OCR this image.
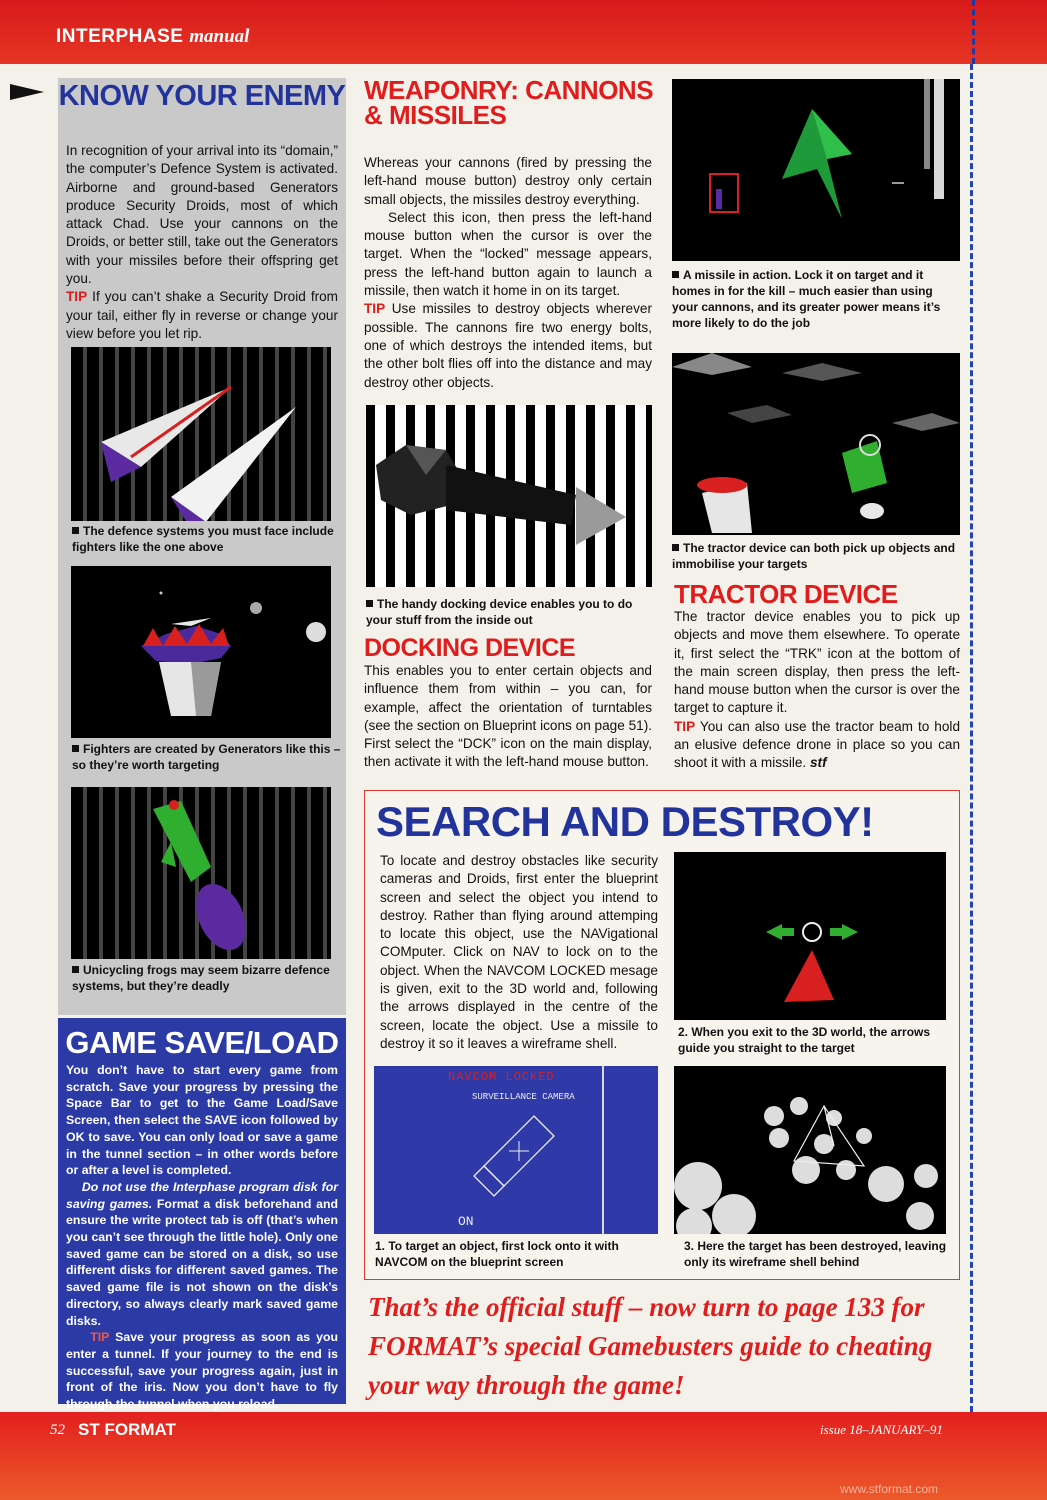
INTERPHASE manual
KNOW YOUR ENEMY
In recognition of your arrival into its “domain,” the computer’s Defence System is activated. Airborne and ground-based Generators produce Security Droids, most of which attack Chad. Use your cannons on the Droids, or better still, take out the Generators with your missiles before their offspring get you.
TIP If you can’t shake a Security Droid from your tail, either fly in reverse or change your view before you let rip.
The defence systems you must face include fighters like the one above
Fighters are created by Generators like this – so they’re worth targeting
Unicycling frogs may seem bizarre defence systems, but they’re deadly
GAME SAVE/LOAD
You don’t have to start every game from scratch. Save your progress by pressing the Space Bar to get to the Game Load/Save Screen, then select the SAVE icon followed by OK to save. You can only load or save a game in the tunnel section – in other words before or after a level is completed.
Do not use the Interphase program disk for saving games. Format a disk beforehand and ensure the write protect tab is off (that’s when you can’t see through the little hole). Only one saved game can be stored on a disk, so use different disks for different saved games. The saved game file is not shown on the disk’s directory, so always clearly mark saved game disks.
TIP Save your progress as soon as you enter a tunnel. If your journey to the end is successful, save your progress again, just in front of the iris. Now you don’t have to fly through the tunnel when you reload.
WEAPONRY: CANNONS & MISSILES
Whereas your cannons (fired by pressing the left-hand mouse button) destroy only certain small objects, the missiles destroy everything.
Select this icon, then press the left-hand mouse button when the cursor is over the target. When the “locked” message appears, press the left-hand button again to launch a missile, then watch it home in on its target.
TIP Use missiles to destroy objects wherever possible. The cannons fire two energy bolts, one of which destroys the intended items, but the other bolt flies off into the distance and may destroy other objects.
The handy docking device enables you to do your stuff from the inside out
DOCKING DEVICE
This enables you to enter certain objects and influence them from within – you can, for example, affect the orientation of turntables (see the section on Blueprint icons on page 51). First select the “DCK” icon on the main display, then activate it with the left-hand mouse button.
A missile in action. Lock it on target and it homes in for the kill – much easier than using your cannons, and its greater power means it’s more likely to do the job
The tractor device can both pick up objects and immobilise your targets
TRACTOR DEVICE
The tractor device enables you to pick up objects and move them elsewhere. To operate it, first select the “TRK” icon at the bottom of the main screen display, then press the left-hand mouse button when the cursor is over the target to capture it.
TIP You can also use the tractor beam to hold an elusive defence drone in place so you can shoot it with a missile. stf
SEARCH AND DESTROY!
To locate and destroy obstacles like security cameras and Droids, first enter the blueprint screen and select the object you intend to destroy. Rather than flying around attemping to locate this object, use the NAVigational COMputer. Click on NAV to lock on to the object. When the NAVCOM LOCKED mesage is given, exit to the 3D world and, following the arrows displayed in the centre of the screen, locate the object. Use a missile to destroy it so it leaves a wireframe shell.
2. When you exit to the 3D world, the arrows guide you straight to the target
NAVCOM LOCKED
SURVEILLANCE CAMERA
ON
1. To target an object, first lock onto it with NAVCOM on the blueprint screen
3. Here the target has been destroyed, leaving only its wireframe shell behind
That’s the official stuff – now turn to page 133 for FORMAT’s special Gamebusters guide to cheating your way through the game!
52 ST FORMAT	issue 18–JANUARY–91
www.stformat.com
